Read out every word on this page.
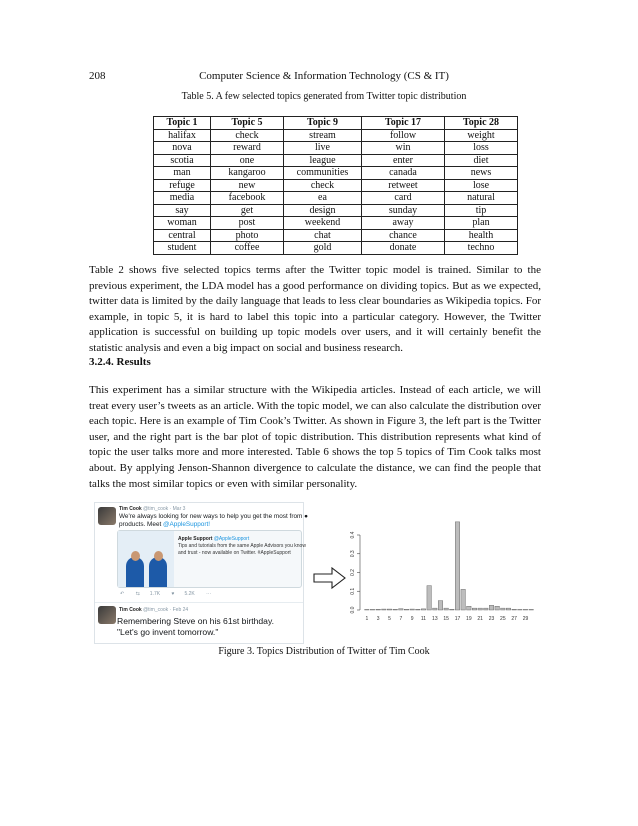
208	Computer Science & Information Technology (CS & IT)
Table 5. A few selected topics generated from Twitter topic distribution
Topic 1	Topic 5	Topic 9	Topic 17	Topic 28
halifax	check	stream	follow	weight
nova	reward	live	win	loss
scotia	one	league	enter	diet
man	kangaroo	communities	canada	news
refuge	new	check	retweet	lose
media	facebook	ea	card	natural
say	get	design	sunday	tip
woman	post	weekend	away	plan
central	photo	chat	chance	health
student	coffee	gold	donate	techno
Table 2 shows five selected topics terms after the Twitter topic model is trained. Similar to the previous experiment, the LDA model has a good performance on dividing topics. But as we expected, twitter data is limited by the daily language that leads to less clear boundaries as Wikipedia topics. For example, in topic 5, it is hard to label this topic into a particular category. However, the Twitter application is successful on building up topic models over users, and it will certainly benefit the statistic analysis and even a big impact on social and business research.
3.2.4. Results
This experiment has a similar structure with the Wikipedia articles. Instead of each article, we will treat every user’s tweets as an article. With the topic model, we can also calculate the distribution over each topic. Here is an example of Tim Cook’s Twitter. As shown in Figure 3, the left part is the Twitter user, and the right part is the bar plot of topic distribution. This distribution represents what kind of topic the user talks more and more interested. Table 6 shows the top 5 topics of Tim Cook talks most about. By applying Jenson-Shannon divergence to calculate the distance, we can find the people that talks the most similar topics or even with similar personality.
Tim Cook @tim_cook · Mar 3
We're always looking for new ways to help you get the most from ●
products. Meet @AppleSupport!
Apple Support @AppleSupport
Tips and tutorials from the same Apple Advisors you know
and trust - now available on Twitter. #AppleSupport
↶ ⇆ 1.7K ♥ 5.2K ···
Tim Cook @tim_cook · Feb 24
Remembering Steve on his 61st birthday.
"Let's go invent tomorrow."
0.0
0.1
0.2
0.3
0.4
1 3 5 7 9 11 13 15 17 19 21 23 25 27 29
Figure 3. Topics Distribution of Twitter of Tim Cook
